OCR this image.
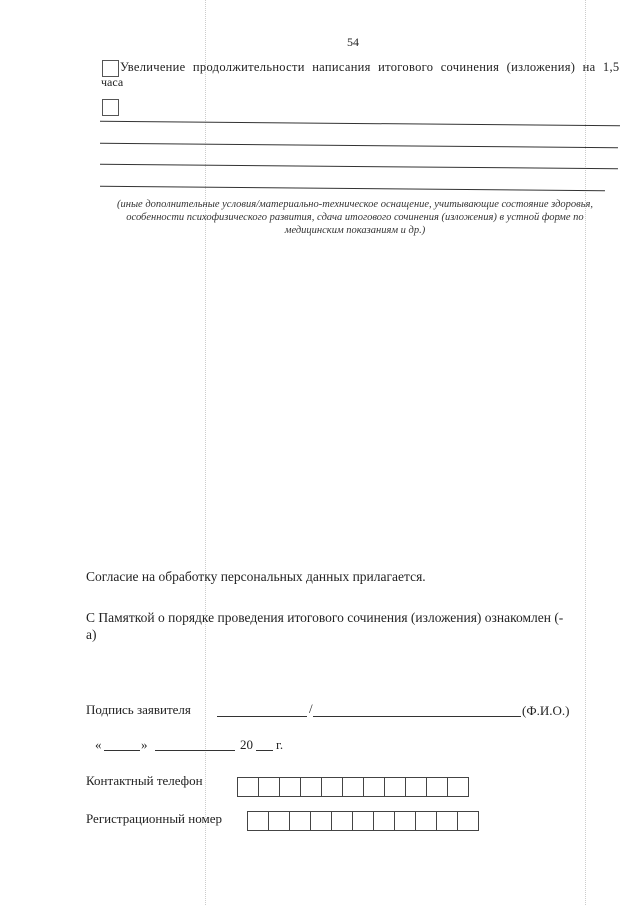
54
Увеличение продолжительности написания итогового сочинения (изложения) на 1,5
часа
(иные дополнительные условия/материально-техническое оснащение, учитывающие состояние здоровья, особенности психофизического развития, сдача итогового сочинения (изложения) в устной форме по медицинским показаниям и др.)
Согласие на обработку персональных данных прилагается.
С Памяткой о порядке проведения итогового сочинения (изложения) ознакомлен (-
а)
Подпись заявителя	/	(Ф.И.О.)
«	»	20 г.
Контактный телефон
Регистрационный номер
